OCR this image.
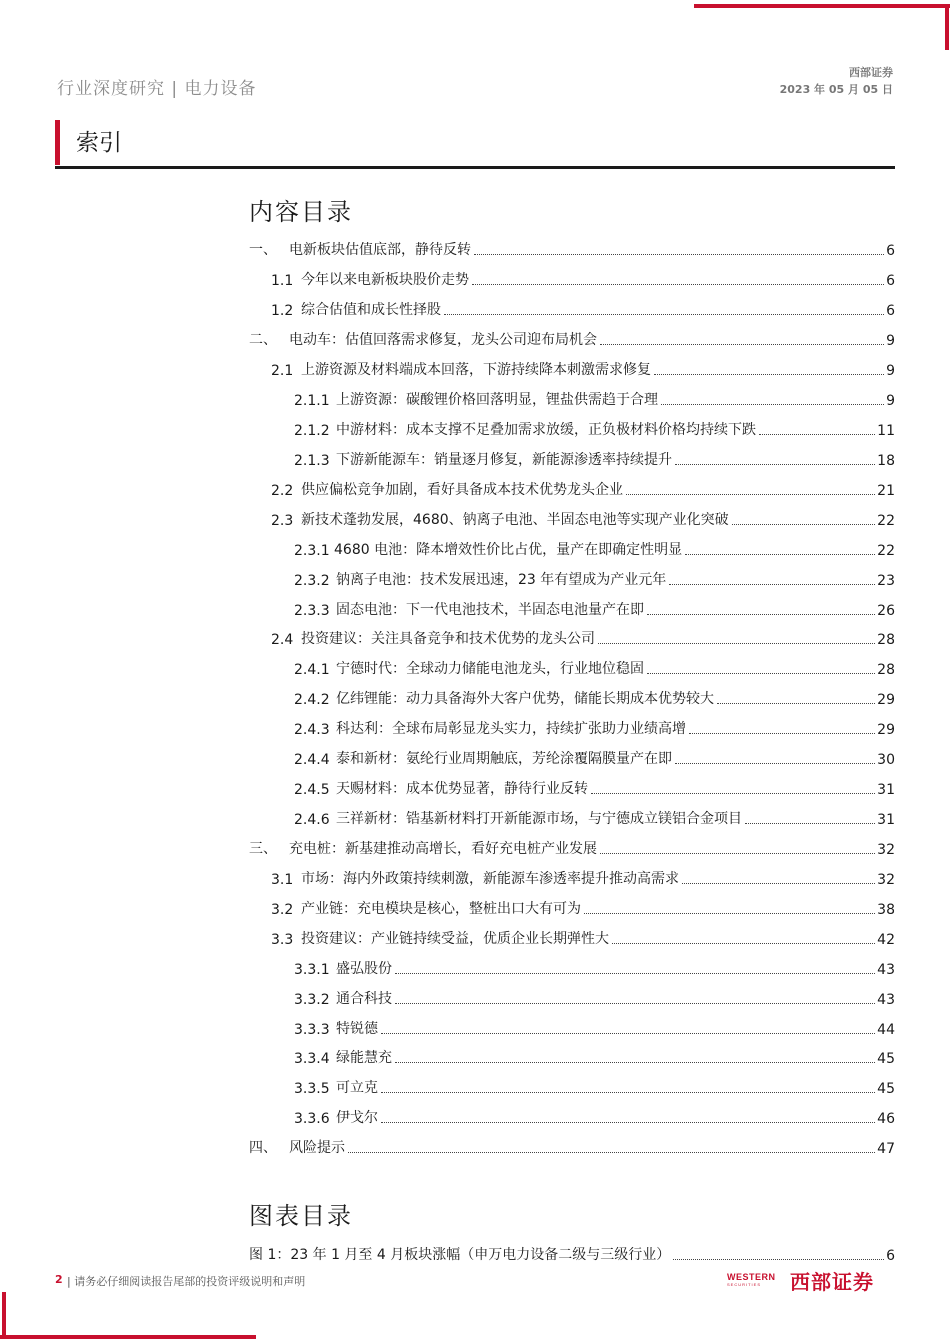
行业深度研究 | 电力设备
西部证券
2023 年 05 月 05 日
索引
内容目录
一、 电新板块估值底部，静待反转	6
1.1 今年以来电新板块股价走势	6
1.2 综合估值和成长性择股	6
二、 电动车：估值回落需求修复，龙头公司迎布局机会	9
2.1 上游资源及材料端成本回落，下游持续降本刺激需求修复	9
2.1.1 上游资源：碳酸锂价格回落明显，锂盐供需趋于合理	9
2.1.2 中游材料：成本支撑不足叠加需求放缓，正负极材料价格均持续下跌	11
2.1.3 下游新能源车：销量逐月修复，新能源渗透率持续提升	18
2.2 供应偏松竞争加剧，看好具备成本技术优势龙头企业	21
2.3 新技术蓬勃发展，4680、钠离子电池、半固态电池等实现产业化突破	22
2.3.1 4680 电池：降本增效性价比占优，量产在即确定性明显	22
2.3.2 钠离子电池：技术发展迅速，23 年有望成为产业元年	23
2.3.3 固态电池：下一代电池技术，半固态电池量产在即	26
2.4 投资建议：关注具备竞争和技术优势的龙头公司	28
2.4.1 宁德时代：全球动力储能电池龙头，行业地位稳固	28
2.4.2 亿纬锂能：动力具备海外大客户优势，储能长期成本优势较大	29
2.4.3 科达利：全球布局彰显龙头实力，持续扩张助力业绩高增	29
2.4.4 泰和新材：氨纶行业周期触底，芳纶涂覆隔膜量产在即	30
2.4.5 天赐材料：成本优势显著，静待行业反转	31
2.4.6 三祥新材：锆基新材料打开新能源市场，与宁德成立镁铝合金项目	31
三、 充电桩：新基建推动高增长，看好充电桩产业发展	32
3.1 市场：海内外政策持续刺激，新能源车渗透率提升推动高需求	32
3.2 产业链：充电模块是核心，整桩出口大有可为	38
3.3 投资建议：产业链持续受益，优质企业长期弹性大	42
3.3.1 盛弘股份	43
3.3.2 通合科技	43
3.3.3 特锐德	44
3.3.4 绿能慧充	45
3.3.5 可立克	45
3.3.6 伊戈尔	46
四、 风险提示	47
图表目录
图 1： 23 年 1 月至 4 月板块涨幅（申万电力设备二级与三级行业）	6
2 | 请务必仔细阅读报告尾部的投资评级说明和声明	WESTERN
SECURITIES	西部证券
